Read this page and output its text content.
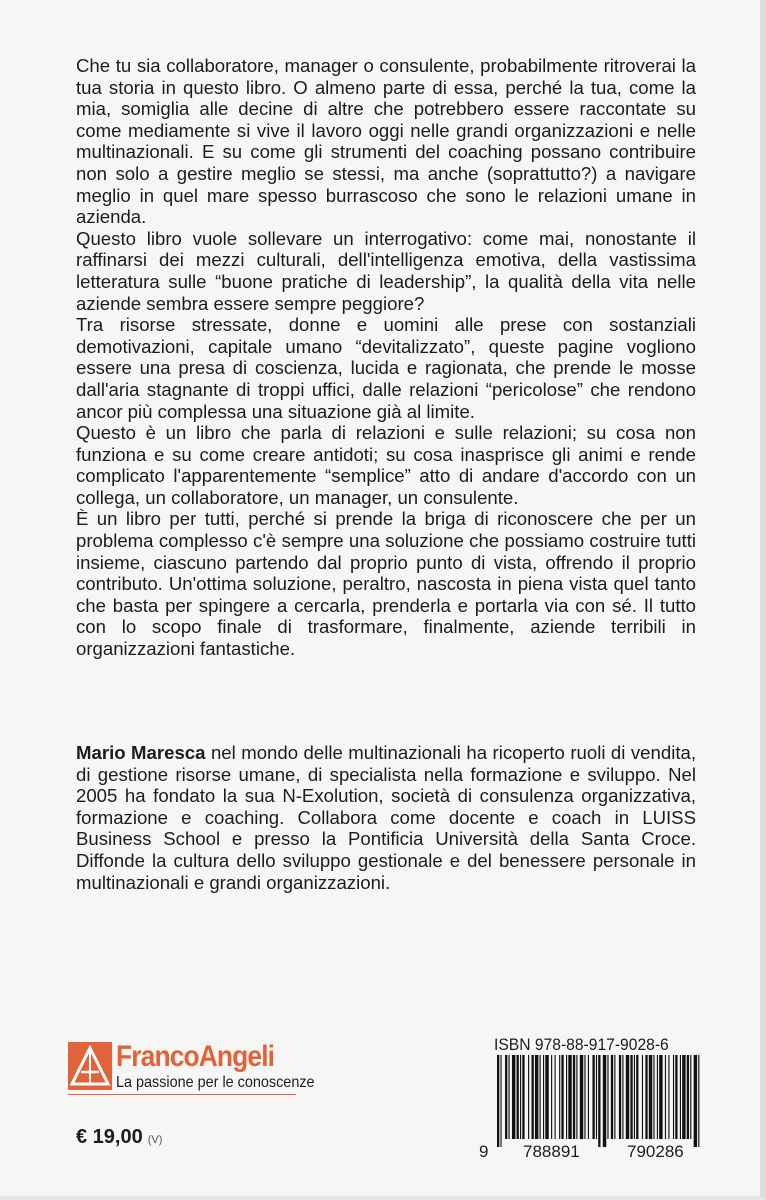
Che tu sia collaboratore, manager o consulente, probabilmente ritroverai la tua storia in questo libro. O almeno parte di essa, perché la tua, come la mia, somiglia alle decine di altre che potrebbero essere raccontate su come mediamente si vive il lavoro oggi nelle grandi organizzazioni e nelle multinazionali. E su come gli strumenti del coaching possano contribuire non solo a gestire meglio se stessi, ma anche (soprattutto?) a navigare meglio in quel mare spesso burrascoso che sono le relazioni umane in azienda.

Questo libro vuole sollevare un interrogativo: come mai, nonostante il raffinarsi dei mezzi culturali, dell'intelligenza emotiva, della vastissima letteratura sulle “buone pratiche di leadership”, la qualità della vita nelle aziende sembra essere sempre peggiore?

Tra risorse stressate, donne e uomini alle prese con sostanziali demotivazioni, capitale umano “devitalizzato”, queste pagine vogliono essere una presa di coscienza, lucida e ragionata, che prende le mosse dall'aria stagnante di troppi uffici, dalle relazioni “pericolose” che rendono ancor più complessa una situazione già al limite.

Questo è un libro che parla di relazioni e sulle relazioni; su cosa non funziona e su come creare antidoti; su cosa inasprisce gli animi e rende complicato l'apparentemente “semplice” atto di andare d'accordo con un collega, un collaboratore, un manager, un consulente.

È un libro per tutti, perché si prende la briga di riconoscere che per un problema complesso c'è sempre una soluzione che possiamo costruire tutti insieme, ciascuno partendo dal proprio punto di vista, offrendo il proprio contributo. Un'ottima soluzione, peraltro, nascosta in piena vista quel tanto che basta per spingere a cercarla, prenderla e portarla via con sé. Il tutto con lo scopo finale di trasformare, finalmente, aziende terribili in organizzazioni fantastiche.

Mario Maresca nel mondo delle multinazionali ha ricoperto ruoli di vendita, di gestione risorse umane, di specialista nella formazione e sviluppo. Nel 2005 ha fondato la sua N-Exolution, società di consulenza organizzativa, formazione e coaching. Collabora come docente e coach in LUISS Business School e presso la Pontificia Università della Santa Croce. Diffonde la cultura dello sviluppo gestionale e del benessere personale in multinazionali e grandi organizzazioni.

FrancoAngeli
La passione per le conoscenze
€ 19,00 (V)
ISBN 978-88-917-9028-6
9 788891	790286
